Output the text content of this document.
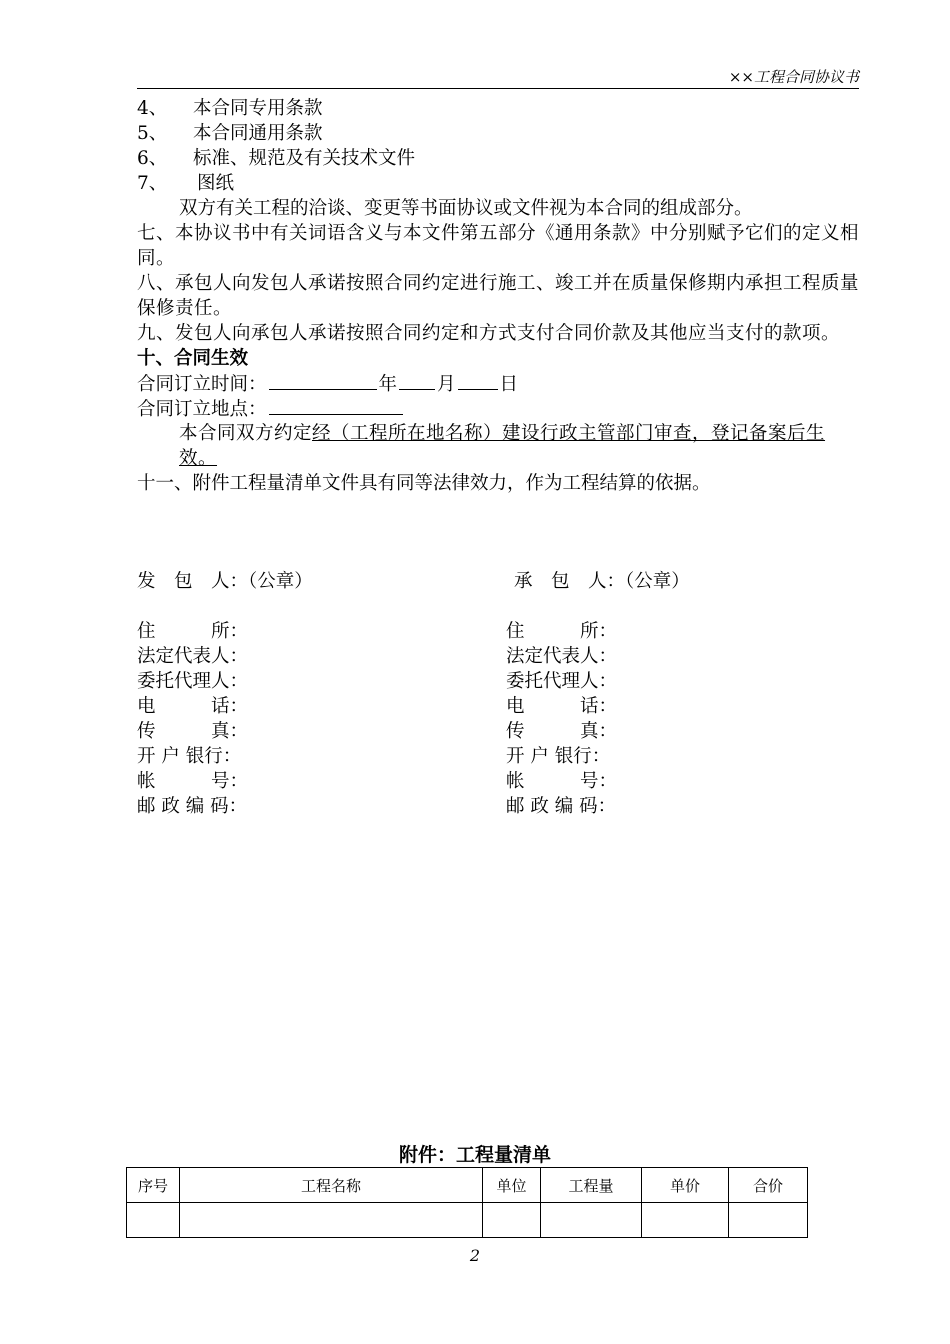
××工程合同协议书
4、 本合同专用条款
5、 本合同通用条款
6、 标准、规范及有关技术文件
7、 图纸
双方有关工程的洽谈、变更等书面协议或文件视为本合同的组成部分。
七、本协议书中有关词语含义与本文件第五部分《通用条款》中分别赋予它们的定义相同。
八、承包人向发包人承诺按照合同约定进行施工、竣工并在质量保修期内承担工程质量保修责任。
九、发包人向承包人承诺按照合同约定和方式支付合同价款及其他应当支付的款项。
十、合同生效
合同订立时间：	年 月 日
合同订立地点：
本合同双方约定经（工程所在地名称）建设行政主管部门审查，登记备案后生效。
十一、附件工程量清单文件具有同等法律效力，作为工程结算的依据。
发　包　人：（公章）
住　　　所：
法定代表人：
委托代理人：
电　　　话：
传　　　真：
开 户 银行：
帐　　　号：
邮 政 编 码：
承　包　人：（公章）
住　　　所：
法定代表人：
委托代理人：
电　　　话：
传　　　真：
开 户 银行：
帐　　　号：
邮 政 编 码：
附件：工程量清单
序号	工程名称	单位	工程量	单价	合价

2
